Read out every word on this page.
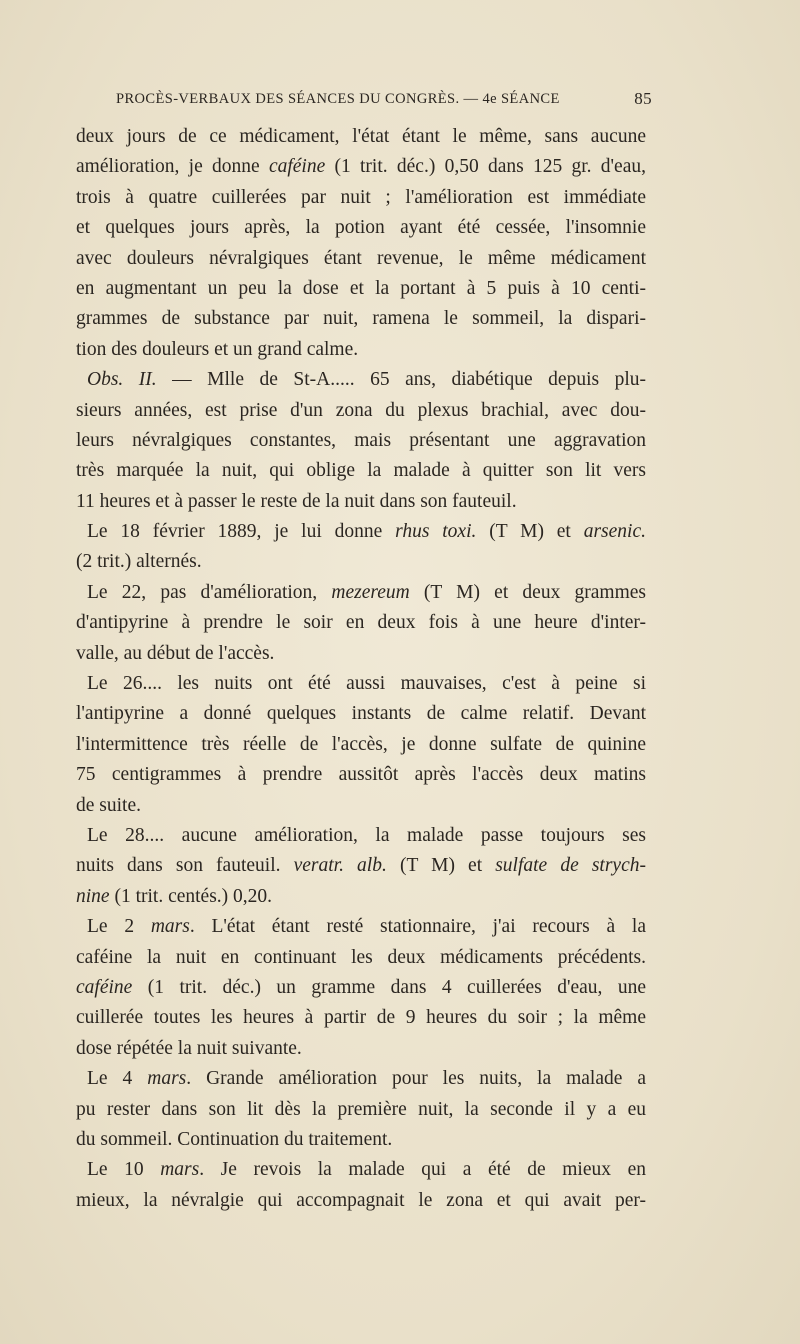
PROCÈS-VERBAUX DES SÉANCES DU CONGRÈS. — 4e SÉANCE	85
deux jours de ce médicament, l'état étant le même, sans aucune
amélioration, je donne caféine (1 trit. déc.) 0,50 dans 125 gr. d'eau,
trois à quatre cuillerées par nuit ; l'amélioration est immédiate
et quelques jours après, la potion ayant été cessée, l'insomnie
avec douleurs névralgiques étant revenue, le même médicament
en augmentant un peu la dose et la portant à 5 puis à 10 centi-
grammes de substance par nuit, ramena le sommeil, la dispari-
tion des douleurs et un grand calme.
Obs. II. — Mlle de St-A..... 65 ans, diabétique depuis plu-
sieurs années, est prise d'un zona du plexus brachial, avec dou-
leurs névralgiques constantes, mais présentant une aggravation
très marquée la nuit, qui oblige la malade à quitter son lit vers
11 heures et à passer le reste de la nuit dans son fauteuil.
Le 18 février 1889, je lui donne rhus toxi. (T M) et arsenic.
(2 trit.) alternés.
Le 22, pas d'amélioration, mezereum (T M) et deux grammes
d'antipyrine à prendre le soir en deux fois à une heure d'inter-
valle, au début de l'accès.
Le 26.... les nuits ont été aussi mauvaises, c'est à peine si
l'antipyrine a donné quelques instants de calme relatif. Devant
l'intermittence très réelle de l'accès, je donne sulfate de quinine
75 centigrammes à prendre aussitôt après l'accès deux matins
de suite.
Le 28.... aucune amélioration, la malade passe toujours ses
nuits dans son fauteuil. veratr. alb. (T M) et sulfate de strych-
nine (1 trit. centés.) 0,20.
Le 2 mars. L'état étant resté stationnaire, j'ai recours à la
caféine la nuit en continuant les deux médicaments précédents.
caféine (1 trit. déc.) un gramme dans 4 cuillerées d'eau, une
cuillerée toutes les heures à partir de 9 heures du soir ; la même
dose répétée la nuit suivante.
Le 4 mars. Grande amélioration pour les nuits, la malade a
pu rester dans son lit dès la première nuit, la seconde il y a eu
du sommeil. Continuation du traitement.
Le 10 mars. Je revois la malade qui a été de mieux en
mieux, la névralgie qui accompagnait le zona et qui avait per-
